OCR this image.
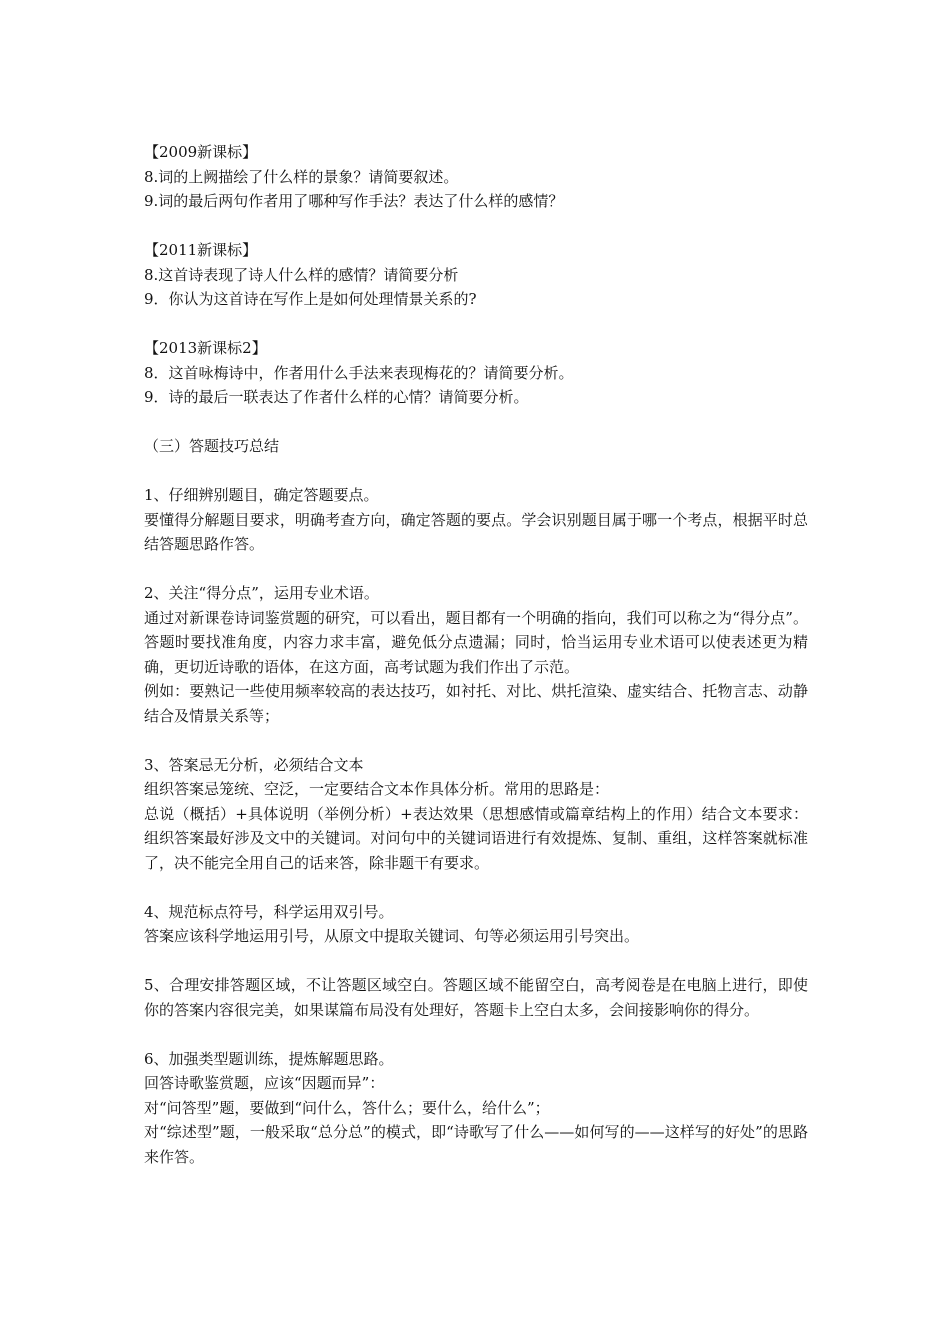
【2009新课标】
8.词的上阙描绘了什么样的景象？请简要叙述。
9.词的最后两句作者用了哪种写作手法？表达了什么样的感情？
【2011新课标】
8.这首诗表现了诗人什么样的感情？请简要分析
9．你认为这首诗在写作上是如何处理情景关系的?
【2013新课标2】
8．这首咏梅诗中，作者用什么手法来表现梅花的？请简要分析。
9．诗的最后一联表达了作者什么样的心情？请简要分析。
（三）答题技巧总结
1、仔细辨别题目，确定答题要点。
要懂得分解题目要求，明确考查方向，确定答题的要点。学会识别题目属于哪一个考点，根据平时总结答题思路作答。
2、关注“得分点”，运用专业术语。
通过对新课卷诗词鉴赏题的研究，可以看出，题目都有一个明确的指向，我们可以称之为“得分点”。答题时要找准角度，内容力求丰富，避免低分点遗漏；同时，恰当运用专业术语可以使表述更为精确，更切近诗歌的语体，在这方面，高考试题为我们作出了示范。
例如：要熟记一些使用频率较高的表达技巧，如衬托、对比、烘托渲染、虚实结合、托物言志、动静结合及情景关系等；
3、答案忌无分析，必须结合文本
组织答案忌笼统、空泛，一定要结合文本作具体分析。常用的思路是：
总说（概括）+具体说明（举例分析）+表达效果（思想感情或篇章结构上的作用）结合文本要求：组织答案最好涉及文中的关键词。对问句中的关键词语进行有效提炼、复制、重组，这样答案就标准了，决不能完全用自己的话来答，除非题干有要求。
4、规范标点符号，科学运用双引号。
答案应该科学地运用引号，从原文中提取关键词、句等必须运用引号突出。
5、合理安排答题区域，不让答题区域空白。答题区域不能留空白，高考阅卷是在电脑上进行，即使你的答案内容很完美，如果谋篇布局没有处理好，答题卡上空白太多，会间接影响你的得分。
6、加强类型题训练，提炼解题思路。
回答诗歌鉴赏题，应该“因题而异”：
对“问答型”题，要做到“问什么，答什么；要什么，给什么”；
对“综述型”题，一般采取“总分总”的模式，即“诗歌写了什么——如何写的——这样写的好处”的思路来作答。
